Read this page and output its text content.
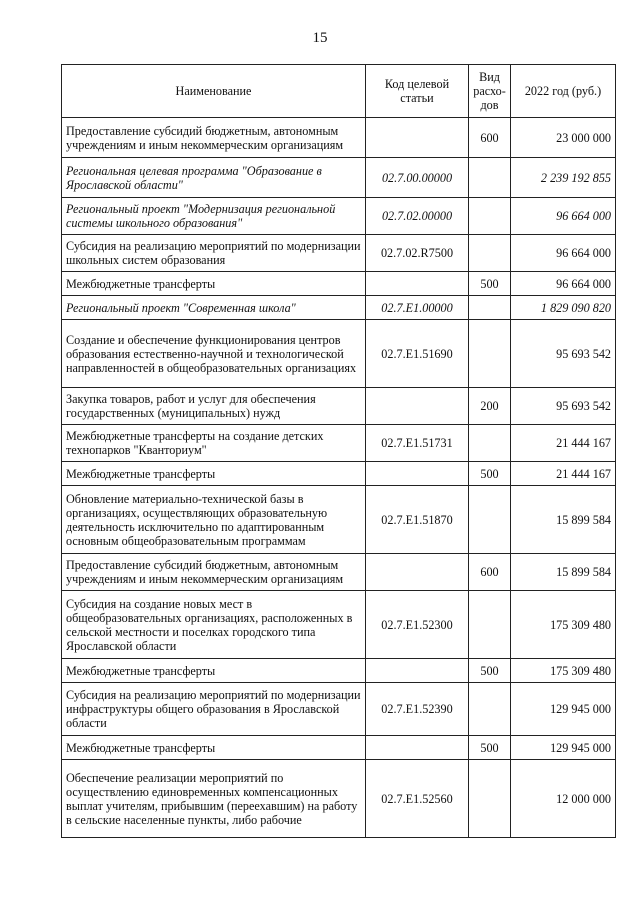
15
Наименование	Код целевой статьи	Вид расхо-дов	2022 год (руб.)
Предоставление субсидий бюджетным, автономным учреждениям и иным некоммерческим организациям		600	23 000 000
Региональная целевая программа "Образование в Ярославской области"	02.7.00.00000		2 239 192 855
Региональный проект "Модернизация региональной системы школьного образования"	02.7.02.00000		96 664 000
Субсидия на реализацию мероприятий по модернизации школьных систем образования	02.7.02.R7500		96 664 000
Межбюджетные трансферты		500	96 664 000
Региональный проект "Современная школа"	02.7.E1.00000		1 829 090 820
Создание и обеспечение функционирования центров образования естественно-научной и технологической направленностей в общеобразовательных организациях	02.7.E1.51690		95 693 542
Закупка товаров, работ и услуг для обеспечения государственных (муниципальных) нужд		200	95 693 542
Межбюджетные трансферты на создание детских технопарков "Кванториум"	02.7.E1.51731		21 444 167
Межбюджетные трансферты		500	21 444 167
Обновление материально-технической базы в организациях, осуществляющих образовательную деятельность исключительно по адаптированным основным общеобразовательным программам	02.7.E1.51870		15 899 584
Предоставление субсидий бюджетным, автономным учреждениям и иным некоммерческим организациям		600	15 899 584
Субсидия на создание новых мест в общеобразовательных организациях, расположенных в сельской местности и поселках городского типа Ярославской области	02.7.E1.52300		175 309 480
Межбюджетные трансферты		500	175 309 480
Субсидия на реализацию мероприятий по модернизации инфраструктуры общего образования в Ярославской области	02.7.E1.52390		129 945 000
Межбюджетные трансферты		500	129 945 000
Обеспечение реализации мероприятий по осуществлению единовременных компенсационных выплат учителям, прибывшим (переехавшим) на работу в сельские населенные пункты, либо рабочие	02.7.E1.52560		12 000 000
